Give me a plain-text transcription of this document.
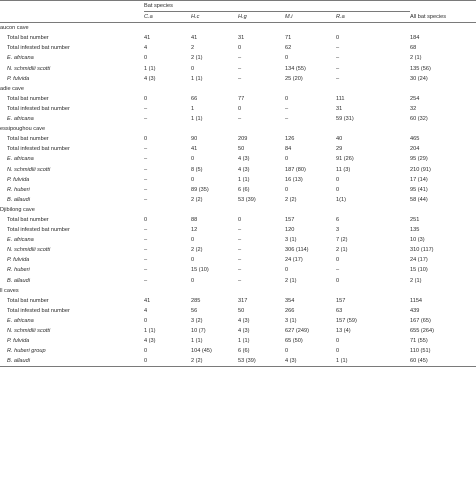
	Bat species					
	C.a	H.c	H.g	M.i	R.a	All bat species
aucon cave						
Total bat number	41	41	31	71	0	184
Total infested bat number	4	2	0	62	–	68
E. africana	0	2 (1)	–	0	–	2 (1)
N. schmidlii scotti	1 (1)	0	–	134 (55)	–	135 (56)
P. fulvida	4 (3)	1 (1)	–	25 (20)	–	30 (24)
adie cave						
Total bat number	0	66	77	0	111	254
Total infested bat number	–	1	0	–	31	32
E. africana	–	1 (1)	–	–	59 (31)	60 (32)
essipoughou cave						
Total bat number	0	90	209	126	40	465
Total infested bat number	–	41	50	84	29	204
E. africana	–	0	4 (3)	0	91 (26)	95 (29)
N. schmidlii scotti	–	8 (5)	4 (3)	187 (80)	11 (3)	210 (91)
P. fulvida	–	0	1 (1)	16 (13)	0	17 (14)
R. huberi	–	89 (35)	6 (6)	0	0	95 (41)
B. allaudi	–	2 (2)	53 (39)	2 (2)	1(1)	58 (44)
Djibilong cave						
Total bat number	0	88	0	157	6	251
Total infested bat number	–	12	–	120	3	135
E. africana	–	0	–	3 (1)	7 (2)	10 (3)
N. schmidlii scotti	–	2 (2)	–	306 (114)	2 (1)	310 (117)
P. fulvida	–	0	–	24 (17)	0	24 (17)
R. huberi	–	15 (10)	–	0	–	15 (10)
B. allaudi	–	0	–	2 (1)	0	2 (1)
ll caves						
Total bat number	41	285	317	354	157	1154
Total infested bat number	4	56	50	266	63	439
E. africana	0	3 (2)	4 (3)	3 (1)	157 (59)	167 (65)
N. schmidlii scotti	1 (1)	10 (7)	4 (3)	627 (249)	13 (4)	655 (264)
P. fulvida	4 (3)	1 (1)	1 (1)	65 (50)	0	71 (55)
R. huberi group	0	104 (45)	6 (6)	0	0	110 (51)
B. allaudi	0	2 (2)	53 (39)	4 (3)	1 (1)	60 (45)
